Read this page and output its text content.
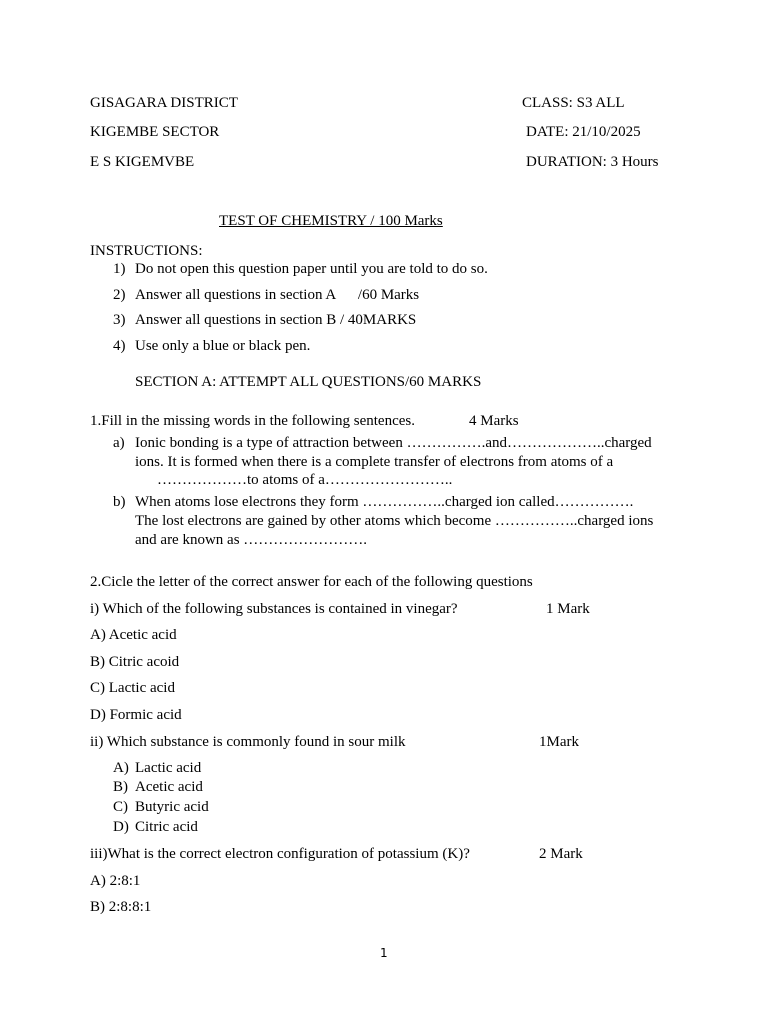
GISAGARA DISTRICT	CLASS: S3 ALL
KIGEMBE SECTOR	DATE: 21/10/2025
E S KIGEMVBE	DURATION: 3 Hours
TEST OF CHEMISTRY / 100 Marks
INSTRUCTIONS:
1) Do not open this question paper until you are told to do so.
2) Answer all questions in section A      /60 Marks
3) Answer all questions in section B / 40MARKS
4) Use only a blue or black pen.
SECTION A: ATTEMPT ALL QUESTIONS/60 MARKS
1.Fill in the missing words in the following sentences.	4 Marks
a) Ionic bonding is a type of attraction between …………….and………………..charged
ions. It is formed when there is a complete transfer of electrons from atoms of a
………………to atoms of a……………………..
b) When atoms lose electrons they form ……………..charged ion called…………….
The lost electrons are gained by other atoms which become ……………..charged ions
and are known as …………………….
2.Cicle the letter of the correct answer for each of the following questions
i) Which of the following substances is contained in vinegar?	1 Mark
A) Acetic acid
B) Citric acoid
C) Lactic acid
D) Formic acid
ii) Which substance is commonly found in sour milk	1Mark
A) Lactic acid
B) Acetic acid
C) Butyric acid
D) Citric acid
iii)What is the correct electron configuration of potassium (K)?	2 Mark
A) 2:8:1
B) 2:8:8:1
1
